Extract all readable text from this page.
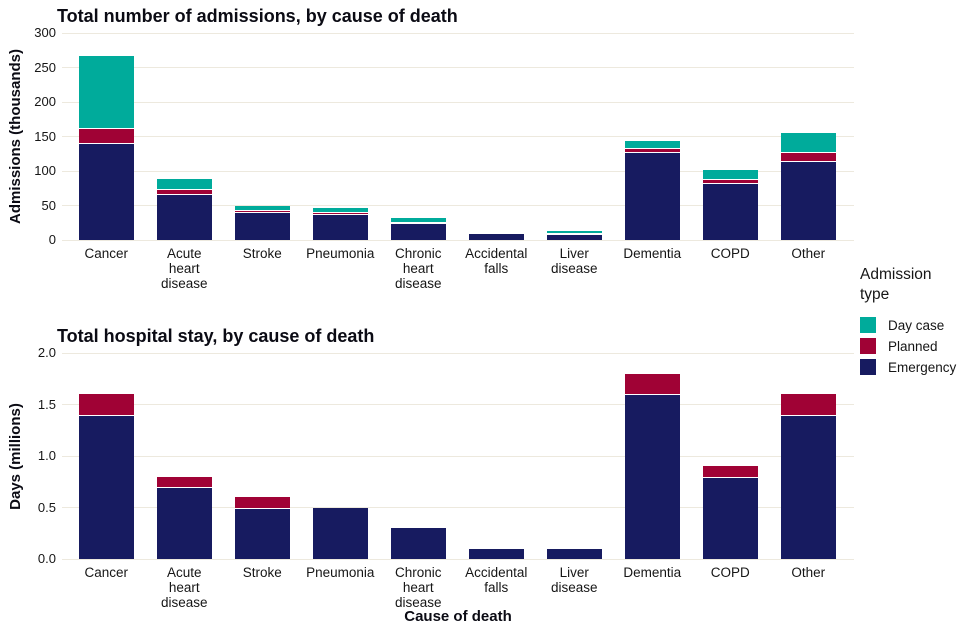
Total number of admissions, by cause of death
Admissions (thousands)
0
50
100
150
200
250
300
Cancer	Acute
heart
disease
Stroke	Pneumonia	Chronic
heart
disease
Accidental
falls
Liver
disease
Dementia	COPD	Other
Total hospital stay, by cause of death
Days (millions)
0.0
0.5
1.0
1.5
2.0
Cancer	Acute
heart
disease
Stroke	Pneumonia	Chronic
heart
disease
Accidental
falls
Liver
disease
Dementia	COPD	Other
Cause of death
Admission
type
Day case
Planned
Emergency
